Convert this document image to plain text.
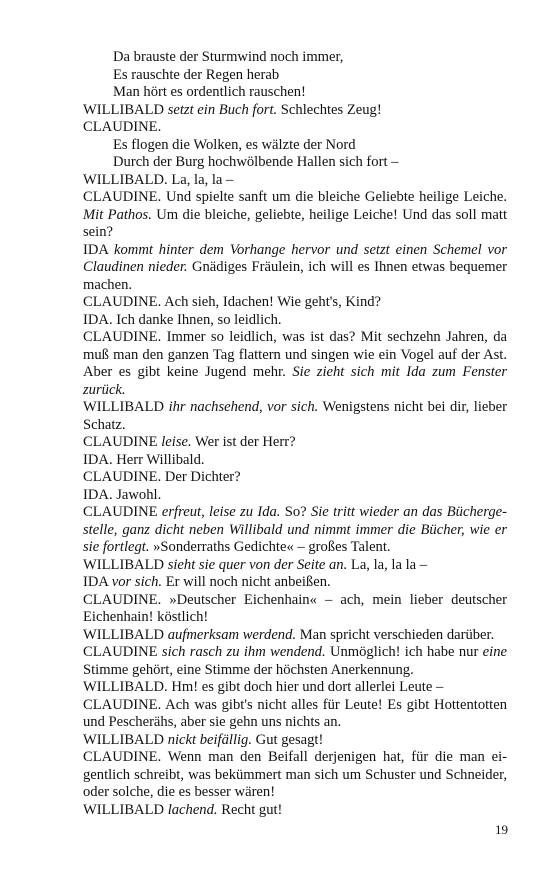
Da brauste der Sturmwind noch immer,

Es rauschte der Regen herab

Man hört es ordentlich rauschen!

WILLIBALD setzt ein Buch fort. Schlechtes Zeug!

CLAUDINE.

Es flogen die Wolken, es wälzte der Nord

Durch der Burg hochwölbende Hallen sich fort –

WILLIBALD. La, la, la –

CLAUDINE. Und spielte sanft um die bleiche Geliebte heilige Leiche. Mit Pathos. Um die bleiche, geliebte, heilige Leiche! Und das soll matt sein?

IDA kommt hinter dem Vorhange hervor und setzt einen Schemel vor Claudinen nieder. Gnädiges Fräulein, ich will es Ihnen etwas bequemer machen.

CLAUDINE. Ach sieh, Idachen! Wie geht's, Kind?

IDA. Ich danke Ihnen, so leidlich.

CLAUDINE. Immer so leidlich, was ist das? Mit sechzehn Jahren, da muß man den ganzen Tag flattern und singen wie ein Vogel auf der Ast. Aber es gibt keine Jugend mehr. Sie zieht sich mit Ida zum Fenster zurück.

WILLIBALD ihr nachsehend, vor sich. Wenigstens nicht bei dir, lieber Schatz.

CLAUDINE leise. Wer ist der Herr?

IDA. Herr Willibald.

CLAUDINE. Der Dichter?

IDA. Jawohl.

CLAUDINE erfreut, leise zu Ida. So? Sie tritt wieder an das Büchergestelle, ganz dicht neben Willibald und nimmt immer die Bücher, wie er sie fortlegt. »Sonderraths Gedichte« – großes Talent.

WILLIBALD sieht sie quer von der Seite an. La, la, la la –

IDA vor sich. Er will noch nicht anbeißen.

CLAUDINE. »Deutscher Eichenhain« – ach, mein lieber deutscher Eichenhain! köstlich!

WILLIBALD aufmerksam werdend. Man spricht verschieden darüber.

CLAUDINE sich rasch zu ihm wendend. Unmöglich! ich habe nur eine Stimme gehört, eine Stimme der höchsten Anerkennung.

WILLIBALD. Hm! es gibt doch hier und dort allerlei Leute –

CLAUDINE. Ach was gibt's nicht alles für Leute! Es gibt Hottentotten und Pescherähs, aber sie gehn uns nichts an.

WILLIBALD nickt beifällig. Gut gesagt!

CLAUDINE. Wenn man den Beifall derjenigen hat, für die man eigentlich schreibt, was bekümmert man sich um Schuster und Schneider, oder solche, die es besser wären!

WILLIBALD lachend. Recht gut!

19
